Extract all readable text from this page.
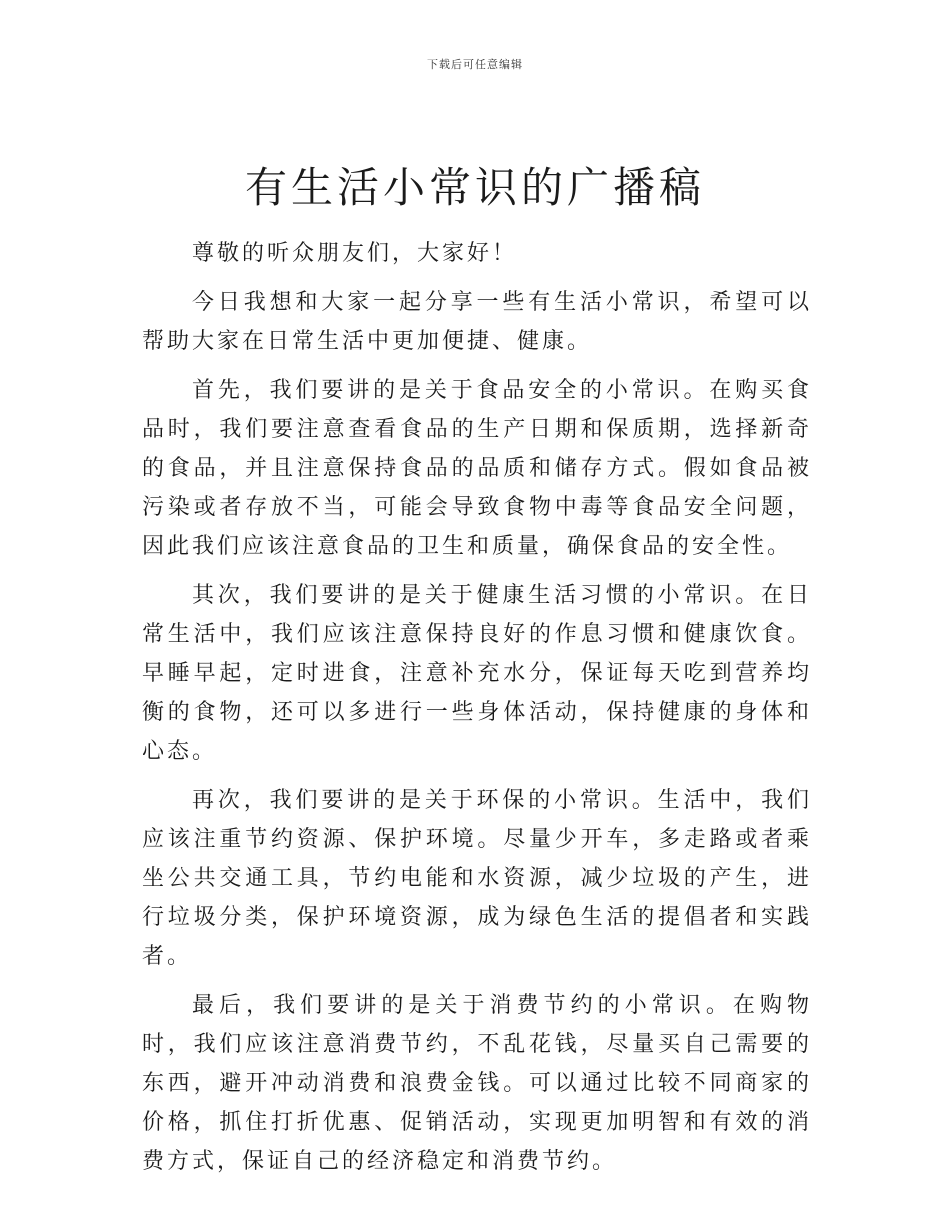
下载后可任意编辑
有生活小常识的广播稿

尊敬的听众朋友们，大家好！

今日我想和大家一起分享一些有生活小常识，希望可以帮助大家在日常生活中更加便捷、健康。

首先，我们要讲的是关于食品安全的小常识。在购买食品时，我们要注意查看食品的生产日期和保质期，选择新奇的食品，并且注意保持食品的品质和储存方式。假如食品被污染或者存放不当，可能会导致食物中毒等食品安全问题，因此我们应该注意食品的卫生和质量，确保食品的安全性。

其次，我们要讲的是关于健康生活习惯的小常识。在日常生活中，我们应该注意保持良好的作息习惯和健康饮食。早睡早起，定时进食，注意补充水分，保证每天吃到营养均衡的食物，还可以多进行一些身体活动，保持健康的身体和心态。

再次，我们要讲的是关于环保的小常识。生活中，我们应该注重节约资源、保护环境。尽量少开车，多走路或者乘坐公共交通工具，节约电能和水资源，减少垃圾的产生，进行垃圾分类，保护环境资源，成为绿色生活的提倡者和实践者。

最后，我们要讲的是关于消费节约的小常识。在购物时，我们应该注意消费节约，不乱花钱，尽量买自己需要的东西，避开冲动消费和浪费金钱。可以通过比较不同商家的价格，抓住打折优惠、促销活动，实现更加明智和有效的消费方式，保证自己的经济稳定和消费节约。
